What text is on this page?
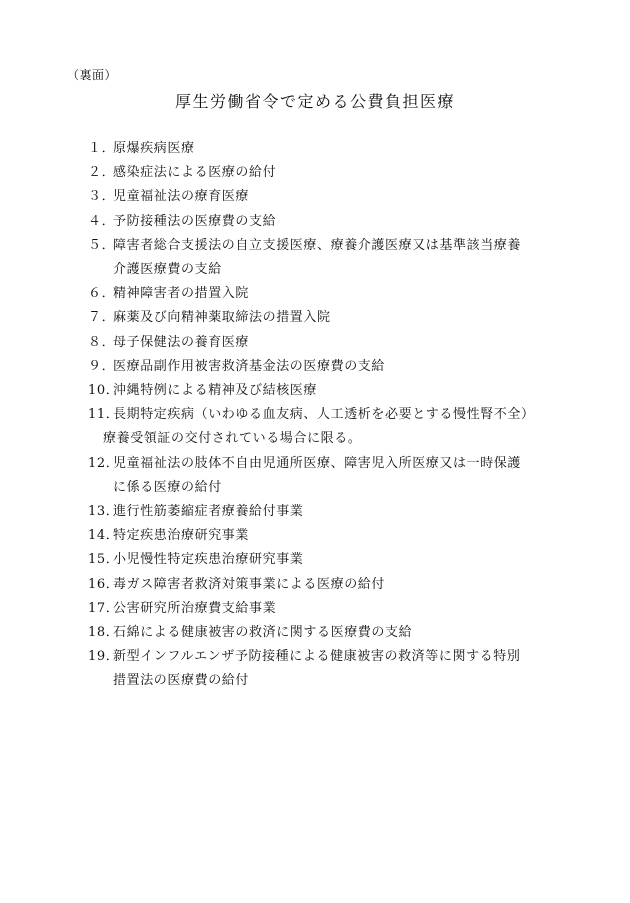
（裏面）
厚生労働省令で定める公費負担医療
１．
原爆疾病医療
２．
感染症法による医療の給付
３．
児童福祉法の療育医療
４．
予防接種法の医療費の支給
５．
障害者総合支援法の自立支援医療、療養介護医療又は基準該当療養
介護医療費の支給
６．
精神障害者の措置入院
７．
麻薬及び向精神薬取締法の措置入院
８．
母子保健法の養育医療
９．
医療品副作用被害救済基金法の医療費の支給
10．
沖縄特例による精神及び結核医療
11．
長期特定疾病（いわゆる血友病、人工透析を必要とする慢性腎不全）
療養受領証の交付されている場合に限る。
12．
児童福祉法の肢体不自由児通所医療、障害児入所医療又は一時保護
に係る医療の給付
13．
進行性筋萎縮症者療養給付事業
14．
特定疾患治療研究事業
15．
小児慢性特定疾患治療研究事業
16．
毒ガス障害者救済対策事業による医療の給付
17．
公害研究所治療費支給事業
18．
石綿による健康被害の救済に関する医療費の支給
19．
新型インフルエンザ予防接種による健康被害の救済等に関する特別
措置法の医療費の給付
